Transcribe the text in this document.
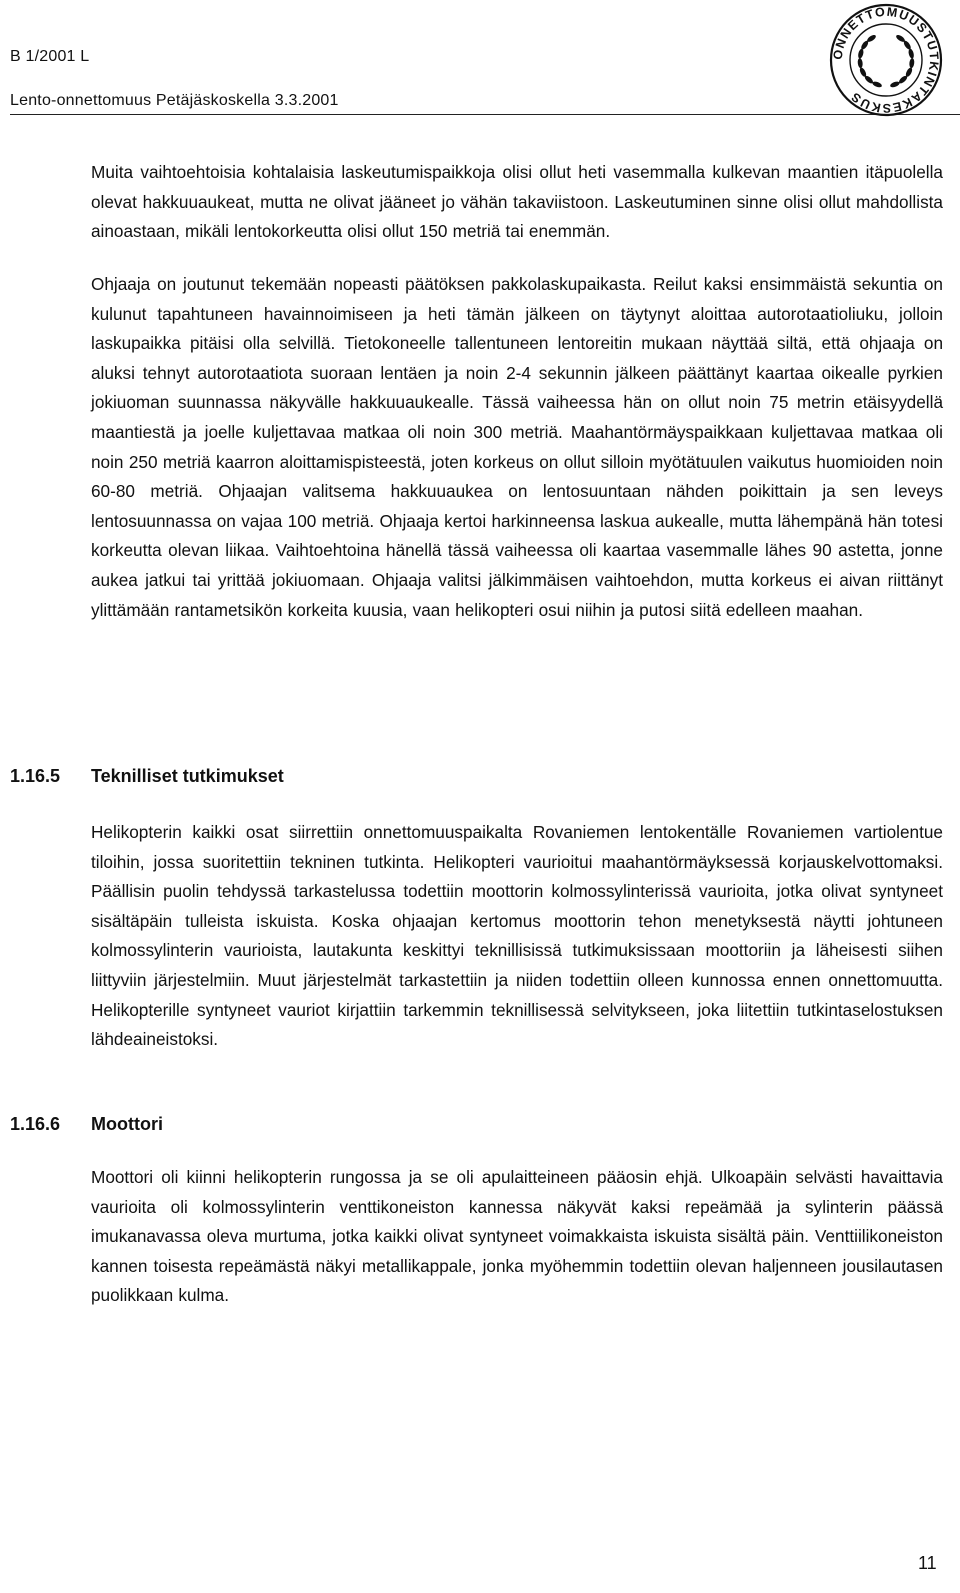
B 1/2001 L
Lento-onnettomuus Petäjäskoskella 3.3.2001
ONNETTOMUUSTUTKINTAKESKUS

Muita vaihtoehtoisia kohtalaisia laskeutumispaikkoja olisi ollut heti vasemmalla kulkevan maantien itäpuolella olevat hakkuuaukeat, mutta ne olivat jääneet jo vähän takaviistoon. Laskeutuminen sinne olisi ollut mahdollista ainoastaan, mikäli lentokorkeutta olisi ollut 150 metriä tai enemmän.

Ohjaaja on joutunut tekemään nopeasti päätöksen pakkolaskupaikasta. Reilut kaksi ensimmäistä sekuntia on kulunut tapahtuneen havainnoimiseen ja heti tämän jälkeen on täytynyt aloittaa autorotaatioliuku, jolloin laskupaikka pitäisi olla selvillä. Tietokoneelle tallentuneen lentoreitin mukaan näyttää siltä, että ohjaaja on aluksi tehnyt autorotaatiota suoraan lentäen ja noin 2-4 sekunnin jälkeen päättänyt kaartaa oikealle pyrkien jokiuoman suunnassa näkyvälle hakkuuaukealle. Tässä vaiheessa hän on ollut noin 75 metrin etäisyydellä maantiestä ja joelle kuljettavaa matkaa oli noin 300 metriä. Maahantörmäyspaikkaan kuljettavaa matkaa oli noin 250 metriä kaarron aloittamispisteestä, joten korkeus on ollut silloin myötätuulen vaikutus huomioiden noin 60-80 metriä. Ohjaajan valitsema hakkuuaukea on lentosuuntaan nähden poikittain ja sen leveys lentosuunnassa on vajaa 100 metriä. Ohjaaja kertoi harkinneensa laskua aukealle, mutta lähempänä hän totesi korkeutta olevan liikaa. Vaihtoehtoina hänellä tässä vaiheessa oli kaartaa vasemmalle lähes 90 astetta, jonne aukea jatkui tai yrittää jokiuomaan. Ohjaaja valitsi jälkimmäisen vaihtoehdon, mutta korkeus ei aivan riittänyt ylittämään rantametsikön korkeita kuusia, vaan helikopteri osui niihin ja putosi siitä edelleen maahan.

1.16.5 Teknilliset tutkimukset

Helikopterin kaikki osat siirrettiin onnettomuuspaikalta Rovaniemen lentokentälle Rovaniemen vartiolentue tiloihin, jossa suoritettiin tekninen tutkinta. Helikopteri vaurioitui maahantörmäyksessä korjauskelvottomaksi. Päällisin puolin tehdyssä tarkastelussa todettiin moottorin kolmossylinterissä vaurioita, jotka olivat syntyneet sisältäpäin tulleista iskuista. Koska ohjaajan kertomus moottorin tehon menetyksestä näytti johtuneen kolmossylinterin vaurioista, lautakunta keskittyi teknillisissä tutkimuksissaan moottoriin ja läheisesti siihen liittyviin järjestelmiin. Muut järjestelmät tarkastettiin ja niiden todettiin olleen kunnossa ennen onnettomuutta. Helikopterille syntyneet vauriot kirjattiin tarkemmin teknillisessä selvitykseen, joka liitettiin tutkintaselostuksen lähdeaineistoksi.

1.16.6 Moottori

Moottori oli kiinni helikopterin rungossa ja se oli apulaitteineen pääosin ehjä. Ulkoapäin selvästi havaittavia vaurioita oli kolmossylinterin venttikoneiston kannessa näkyvät kaksi repeämää ja sylinterin päässä imukanavassa oleva murtuma, jotka kaikki olivat syntyneet voimakkaista iskuista sisältä päin. Venttiilikoneiston kannen toisesta repeämästä näkyi metallikappale, jonka myöhemmin todettiin olevan haljenneen jousilautasen puolikkaan kulma.

11
